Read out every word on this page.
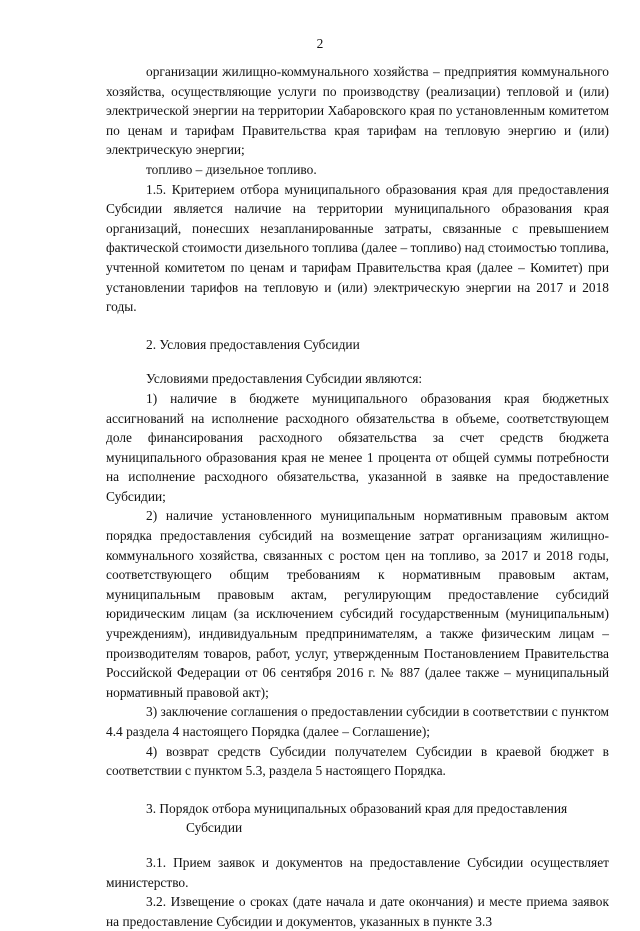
2

организации жилищно-коммунального хозяйства – предприятия коммунального хозяйства, осуществляющие услуги по производству (реализации) тепловой и (или) электрической энергии на территории Хабаровского края по установленным комитетом по ценам и тарифам Правительства края тарифам на тепловую энергию и (или) электрическую энергии;

топливо – дизельное топливо.

1.5. Критерием отбора муниципального образования края для предоставления Субсидии является наличие на территории муниципального образования края организаций, понесших незапланированные затраты, связанные с превышением фактической стоимости дизельного топлива (далее – топливо) над стоимостью топлива, учтенной комитетом по ценам и тарифам Правительства края (далее – Комитет) при установлении тарифов на тепловую и (или) электрическую энергии на 2017 и 2018 годы.

2. Условия предоставления Субсидии

Условиями предоставления Субсидии являются:

1) наличие в бюджете муниципального образования края бюджетных ассигнований на исполнение расходного обязательства в объеме, соответствующем доле финансирования расходного обязательства за счет средств бюджета муниципального образования края не менее 1 процента от общей суммы потребности на исполнение расходного обязательства, указанной в заявке на предоставление Субсидии;

2) наличие установленного муниципальным нормативным правовым актом порядка предоставления субсидий на возмещение затрат организациям жилищно-коммунального хозяйства, связанных с ростом цен на топливо, за 2017 и 2018 годы, соответствующего общим требованиям к нормативным правовым актам, муниципальным правовым актам, регулирующим предоставление субсидий юридическим лицам (за исключением субсидий государственным (муниципальным) учреждениям), индивидуальным предпринимателям, а также физическим лицам – производителям товаров, работ, услуг, утвержденным Постановлением Правительства Российской Федерации от 06 сентября 2016 г. № 887 (далее также – муниципальный нормативный правовой акт);

3) заключение соглашения о предоставлении субсидии в соответствии с пунктом 4.4 раздела 4 настоящего Порядка (далее – Соглашение);

4) возврат средств Субсидии получателем Субсидии в краевой бюджет в соответствии с пунктом 5.3, раздела 5 настоящего Порядка.

3. Порядок отбора муниципальных образований края для предоставления
Субсидии

3.1. Прием заявок и документов на предоставление Субсидии осуществляет министерство.

3.2. Извещение о сроках (дате начала и дате окончания) и месте приема заявок на предоставление Субсидии и документов, указанных в пункте 3.3
